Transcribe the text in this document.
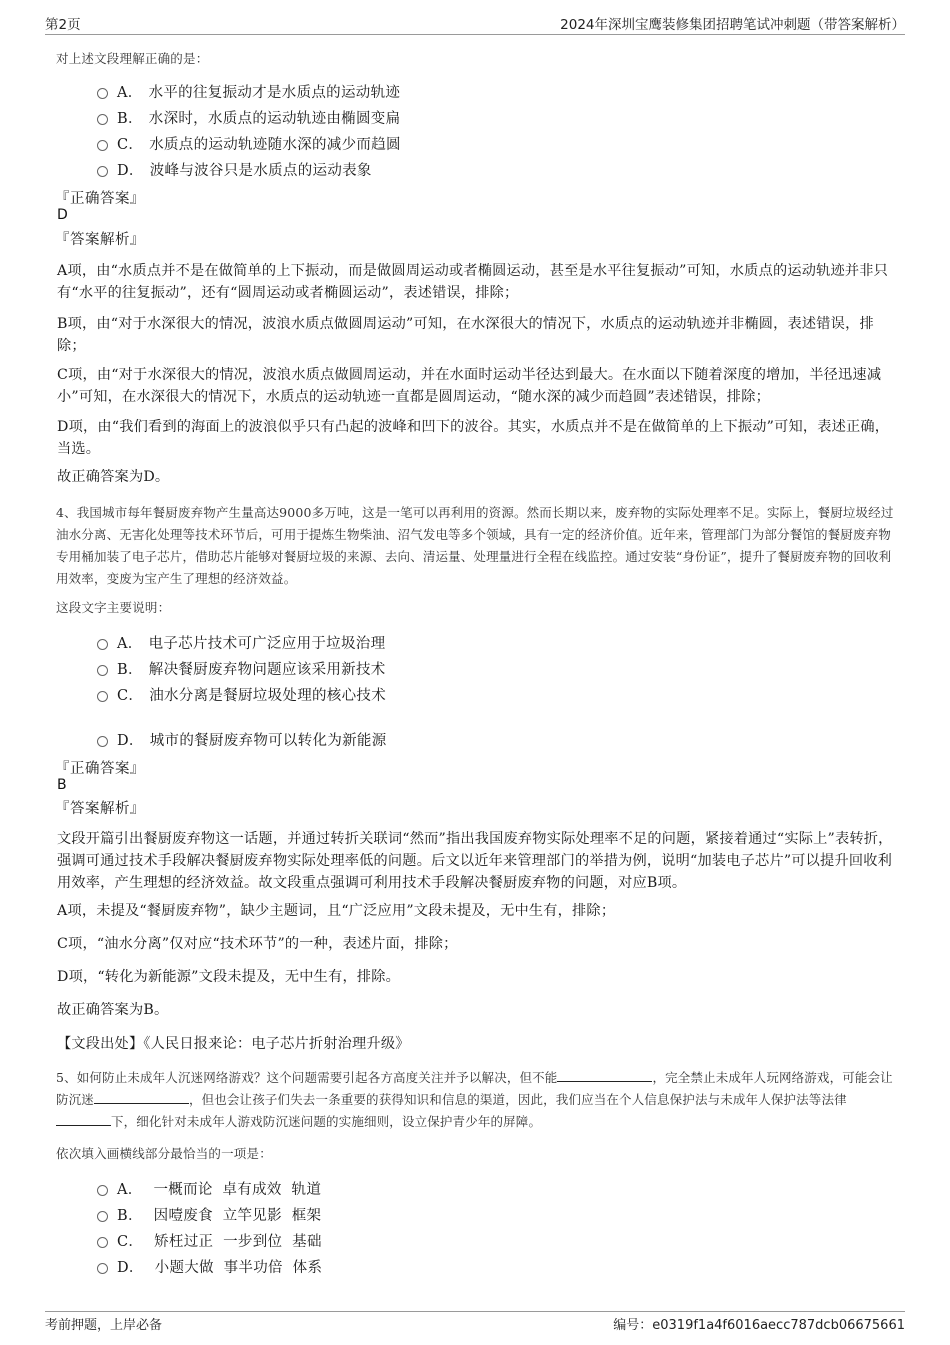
第2页	2024年深圳宝鹰装修集团招聘笔试冲刺题（带答案解析）
对上述文段理解正确的是：
A． 水平的往复振动才是水质点的运动轨迹
B． 水深时，水质点的运动轨迹由椭圆变扁
C． 水质点的运动轨迹随水深的减少而趋圆
D． 波峰与波谷只是水质点的运动表象
『正确答案』
D
『答案解析』
A项，由“水质点并不是在做简单的上下振动，而是做圆周运动或者椭圆运动，甚至是水平往复振动”可知，水质点的运动轨迹并非只有“水平的往复振动”，还有“圆周运动或者椭圆运动”，表述错误，排除；
B项，由“对于水深很大的情况，波浪水质点做圆周运动”可知，在水深很大的情况下，水质点的运动轨迹并非椭圆，表述错误，排除；
C项，由“对于水深很大的情况，波浪水质点做圆周运动，并在水面时运动半径达到最大。在水面以下随着深度的增加，半径迅速减小”可知，在水深很大的情况下，水质点的运动轨迹一直都是圆周运动，“随水深的减少而趋圆”表述错误，排除；
D项，由“我们看到的海面上的波浪似乎只有凸起的波峰和凹下的波谷。其实，水质点并不是在做简单的上下振动”可知，表述正确，当选。
故正确答案为D。
4、我国城市每年餐厨废弃物产生量高达9000多万吨，这是一笔可以再利用的资源。然而长期以来，废弃物的实际处理率不足。实际上，餐厨垃圾经过油水分离、无害化处理等技术环节后，可用于提炼生物柴油、沼气发电等多个领域，具有一定的经济价值。近年来，管理部门为部分餐馆的餐厨废弃物专用桶加装了电子芯片，借助芯片能够对餐厨垃圾的来源、去向、清运量、处理量进行全程在线监控。通过安装“身份证”，提升了餐厨废弃物的回收利用效率，变废为宝产生了理想的经济效益。
这段文字主要说明：
A． 电子芯片技术可广泛应用于垃圾治理
B． 解决餐厨废弃物问题应该采用新技术
C． 油水分离是餐厨垃圾处理的核心技术
D． 城市的餐厨废弃物可以转化为新能源
『正确答案』
B
『答案解析』
文段开篇引出餐厨废弃物这一话题，并通过转折关联词“然而”指出我国废弃物实际处理率不足的问题，紧接着通过“实际上”表转折，强调可通过技术手段解决餐厨废弃物实际处理率低的问题。后文以近年来管理部门的举措为例，说明“加装电子芯片”可以提升回收利用效率，产生理想的经济效益。故文段重点强调可利用技术手段解决餐厨废弃物的问题，对应B项。
A项，未提及“餐厨废弃物”，缺少主题词，且“广泛应用”文段未提及，无中生有，排除；
C项，“油水分离”仅对应“技术环节”的一种，表述片面，排除；
D项，“转化为新能源”文段未提及，无中生有，排除。
故正确答案为B。
【文段出处】《人民日报来论：电子芯片折射治理升级》
5、如何防止未成年人沉迷网络游戏？这个问题需要引起各方高度关注并予以解决，但不能	，完全禁止未成年人玩网络游戏，可能会让防沉迷	，但也会让孩子们失去一条重要的获得知识和信息的渠道，因此，我们应当在个人信息保护法与未成年人保护法等法律下，细化针对未成年人游戏防沉迷问题的实施细则，设立保护青少年的屏障。
依次填入画横线部分最恰当的一项是：
A． 一概而论  卓有成效  轨道
B． 因噎废食  立竿见影  框架
C． 矫枉过正  一步到位  基础
D． 小题大做  事半功倍  体系
考前押题，上岸必备	编号：e0319f1a4f6016aecc787dcb06675661
